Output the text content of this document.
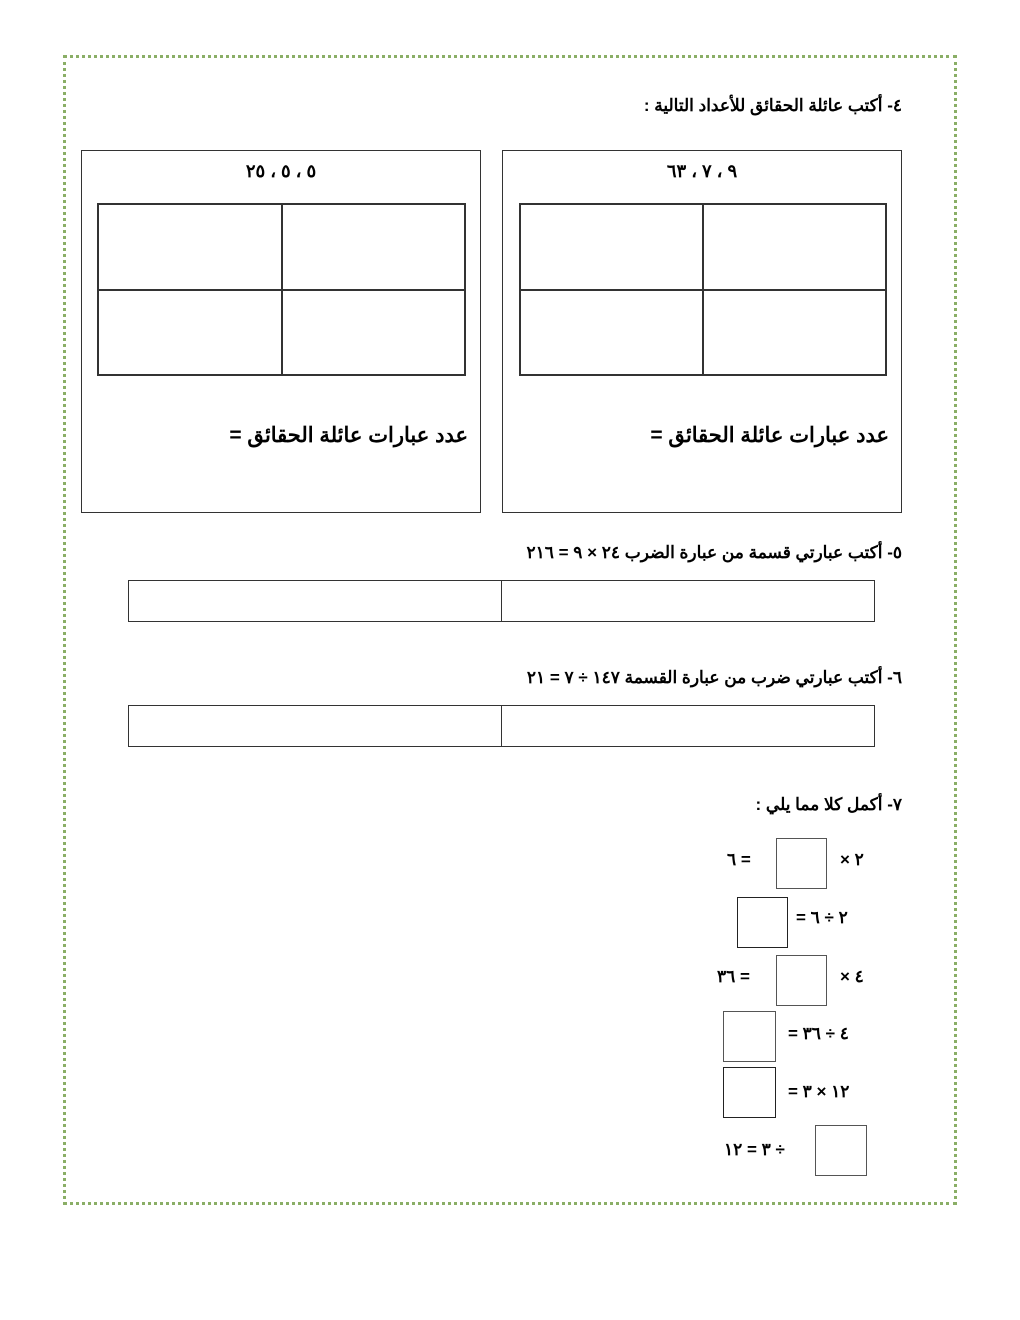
٤- أكتب عائلة الحقائق للأعداد التالية :
٩ ، ٧ ، ٦٣
عدد عبارات عائلة الحقائق =
٥ ، ٥ ، ٢٥
عدد عبارات عائلة الحقائق =
٥- أكتب عبارتي قسمة من عبارة الضرب ٢٤ × ٩ = ٢١٦
٦- أكتب عبارتي ضرب من عبارة القسمة ١٤٧ ÷ ٧ = ٢١
٧- أكمل كلا مما يلي :
٦ =	× ٢
= ٢ ÷ ٦
٣٦ =	× ٤
= ٤ ÷ ٣٦
= ١٢ × ٣
٣ = ١٢ ÷
